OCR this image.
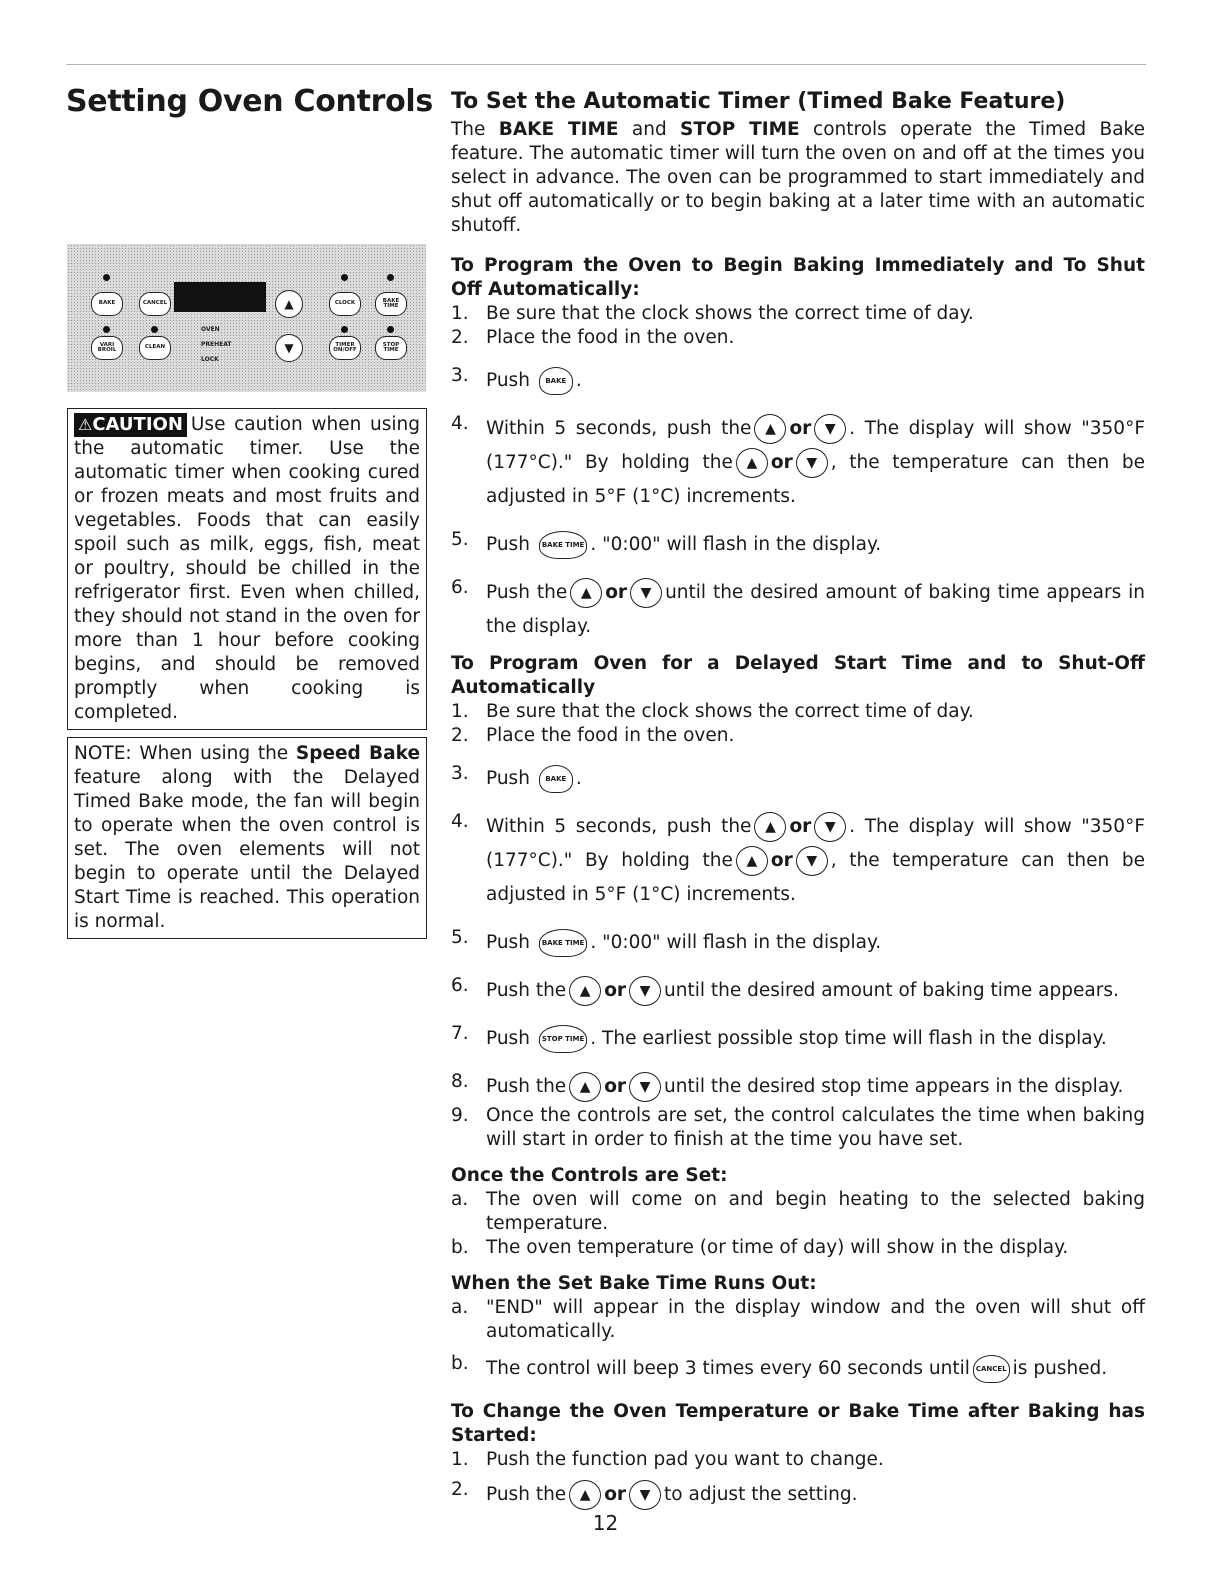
Setting Oven Controls
BAKE	CANCEL	▲	CLOCK	BAKE TIME
OVEN
PREHEAT
LOCK
VARI BROIL	CLEAN	▼	TIMER ON/OFF
STOP TIME
⚠CAUTION Use caution when using the automatic timer. Use the automatic timer when cooking cured or frozen meats and most fruits and vegetables. Foods that can easily spoil such as milk, eggs, fish, meat or poultry, should be chilled in the refrigerator first. Even when chilled, they should not stand in the oven for more than 1 hour before cooking begins, and should be removed promptly when cooking is completed.
NOTE: When using the Speed Bake feature along with the Delayed Timed Bake mode, the fan will begin to operate when the oven control is set. The oven elements will not begin to operate until the Delayed Start Time is reached. This operation is normal.
To Set the Automatic Timer (Timed Bake Feature)

The BAKE TIME and STOP TIME controls operate the Timed Bake feature. The automatic timer will turn the oven on and off at the times you select in advance. The oven can be programmed to start immediately and shut off automatically or to begin baking at a later time with an automatic shutoff.

To Program the Oven to Begin Baking Immediately and To Shut Off Automatically:
1. Be sure that the clock shows the correct time of day.
2. Place the food in the oven.
3. Push BAKE .
4. Within 5 seconds, push the ▲ or ▼ . The display will show "350°F (177°C)." By holding the ▲ or ▼ , the temperature can then be adjusted in 5°F (1°C) increments.
5. Push BAKE TIME . "0:00" will flash in the display.
6. Push the ▲ or ▼ until the desired amount of baking time appears in the display.
To Program Oven for a Delayed Start Time and to Shut-Off Automatically
1. Be sure that the clock shows the correct time of day.
2. Place the food in the oven.
3. Push BAKE .
4. Within 5 seconds, push the ▲ or ▼ . The display will show "350°F (177°C)." By holding the ▲ or ▼ , the temperature can then be adjusted in 5°F (1°C) increments.
5. Push BAKE TIME . "0:00" will flash in the display.
6. Push the ▲ or ▼ until the desired amount of baking time appears.
7. Push STOP TIME . The earliest possible stop time will flash in the display.
8. Push the ▲ or ▼ until the desired stop time appears in the display.
9. Once the controls are set, the control calculates the time when baking will start in order to finish at the time you have set.
Once the Controls are Set:
a. The oven will come on and begin heating to the selected baking temperature.
b. The oven temperature (or time of day) will show in the display.
When the Set Bake Time Runs Out:
a. "END" will appear in the display window and the oven will shut off automatically.
b. The control will beep 3 times every 60 seconds until CANCEL is pushed.
To Change the Oven Temperature or Bake Time after Baking has Started:
1. Push the function pad you want to change.
2. Push the ▲ or ▼ to adjust the setting.
12
